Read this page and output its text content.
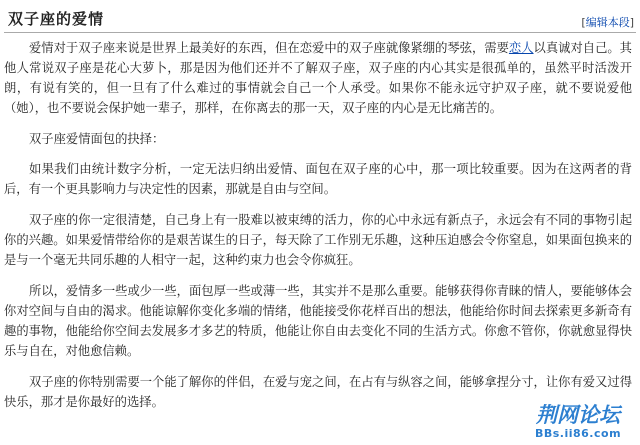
双子座的爱情	[编辑本段]

爱情对于双子座来说是世界上最美好的东西，但在恋爱中的双子座就像紧绷的琴弦，需要恋人以真诚对自己。其他人常说双子座是花心大萝卜，那是因为他们还并不了解双子座，双子座的内心其实是很孤单的，虽然平时活泼开朗，有说有笑的，但一旦有了什么难过的事情就会自己一个人承受。如果你不能永远守护双子座，就不要说爱他（她），也不要说会保护她一辈子，那样，在你离去的那一天，双子座的内心是无比痛苦的。

双子座爱情面包的抉择：

如果我们由统计数字分析，一定无法归纳出爱情、面包在双子座的心中，那一项比较重要。因为在这两者的背后，有一个更具影响力与决定性的因素，那就是自由与空间。

双子座的你一定很清楚，自己身上有一股难以被束缚的活力，你的心中永远有新点子，永远会有不同的事物引起你的兴趣。如果爱情带给你的是艰苦谋生的日子，每天除了工作别无乐趣，这种压迫感会令你窒息，如果面包换来的是与一个毫无共同乐趣的人相守一起，这种约束力也会令你疯狂。

所以，爱情多一些或少一些，面包厚一些或薄一些，其实并不是那么重要。能够获得你青睐的情人，要能够体会你对空间与自由的渴求。他能谅解你变化多端的情绪，他能接受你花样百出的想法，他能给你时间去探索更多新奇有趣的事物，他能给你空间去发展多才多艺的特质，他能让你自由去变化不同的生活方式。你愈不管你，你就愈显得快乐与自在，对他愈信赖。

双子座的你特别需要一个能了解你的伴侣，在爱与宠之间，在占有与纵容之间，能够拿捏分寸，让你有爱又过得快乐，那才是你最好的选择。

荆网论坛
BBs.ii86.com
